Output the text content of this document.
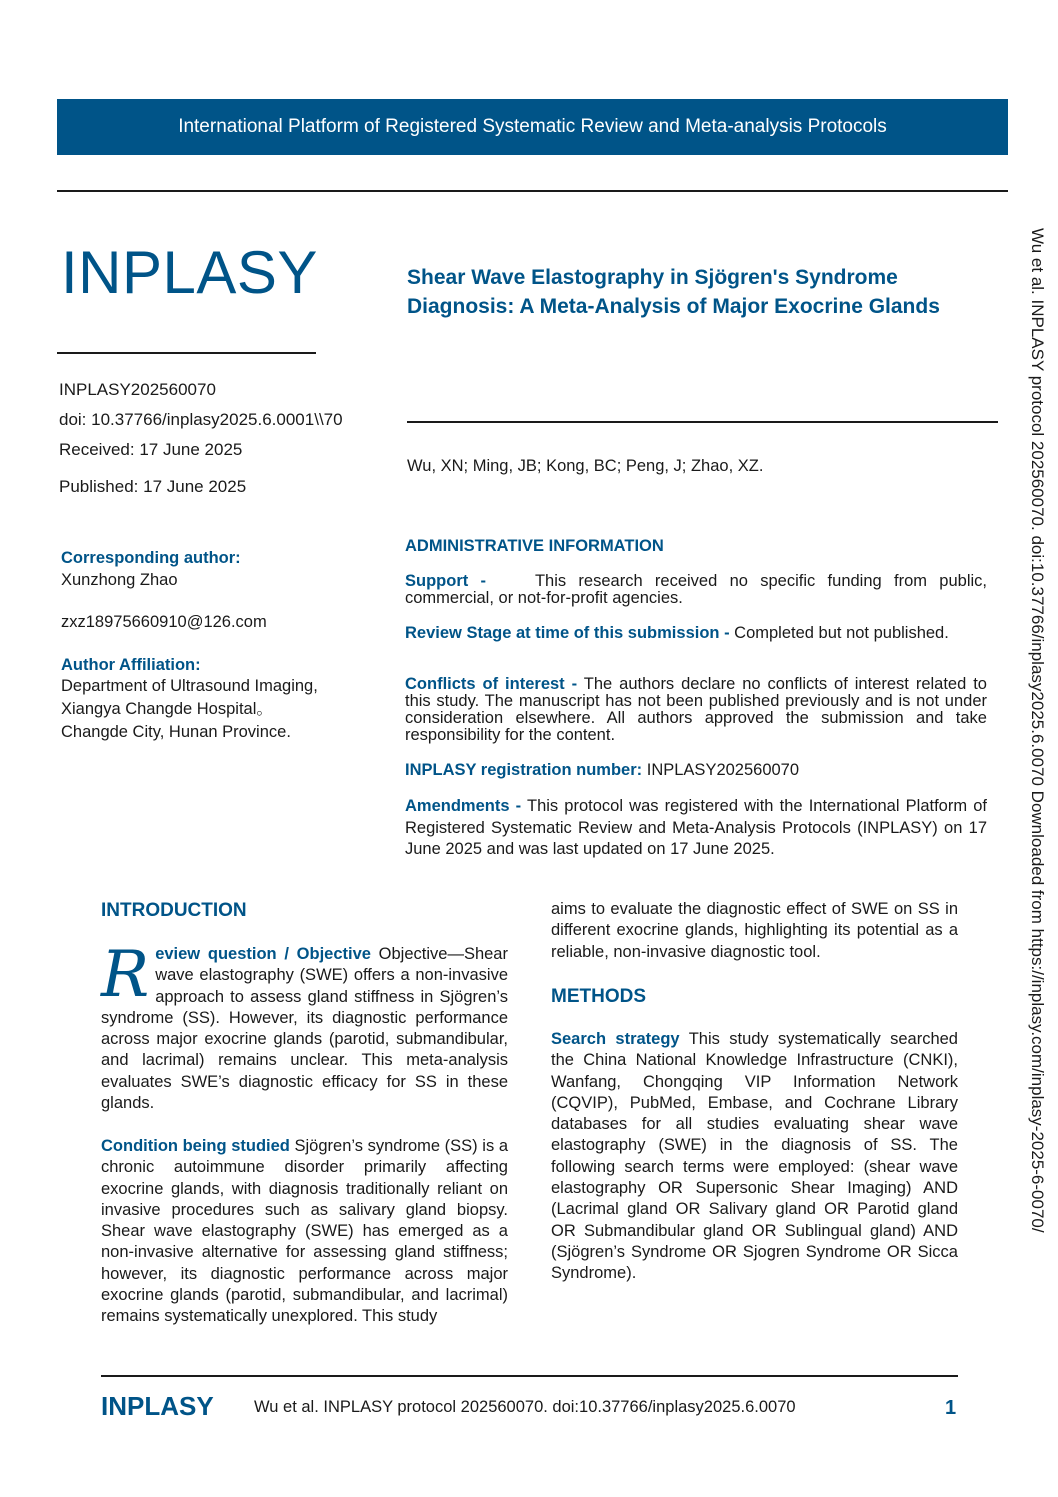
International Platform of Registered Systematic Review and Meta-analysis Protocols
INPLASY
INPLASY202560070
doi: 10.37766/inplasy2025.6.0001\\70
Received: 17 June 2025
Published: 17 June 2025
Shear Wave Elastography in Sjögren's Syndrome Diagnosis: A Meta-Analysis of Major Exocrine Glands
Wu, XN; Ming, JB; Kong, BC; Peng, J; Zhao, XZ.
Corresponding author:
Xunzhong Zhao
zxz18975660910@126.com
Author Affiliation:
Department of Ultrasound Imaging,
Xiangya Changde Hospital。
Changde City, Hunan Province.
ADMINISTRATIVE INFORMATION
Support -	This research received no specific funding from public, commercial, or not-for-profit agencies.
Review Stage at time of this submission - Completed but not published.
Conflicts of interest - The authors declare no conflicts of interest related to this study. The manuscript has not been published previously and is not under consideration elsewhere. All authors approved the submission and take responsibility for the content.
INPLASY registration number: INPLASY202560070
Amendments - This protocol was registered with the International Platform of Registered Systematic Review and Meta-Analysis Protocols (INPLASY) on 17 June 2025 and was last updated on 17 June 2025.
INTRODUCTION
R eview question / Objective Objective—Shear wave elastography (SWE) offers a non-invasive approach to assess gland stiffness in Sjögren’s syndrome (SS). However, its diagnostic performance across major exocrine glands (parotid, submandibular, and lacrimal) remains unclear. This meta-analysis evaluates SWE’s diagnostic efficacy for SS in these glands.
Condition being studied Sjögren’s syndrome (SS) is a chronic autoimmune disorder primarily affecting exocrine glands, with diagnosis traditionally reliant on invasive procedures such as salivary gland biopsy. Shear wave elastography (SWE) has emerged as a non-invasive alternative for assessing gland stiffness; however, its diagnostic performance across major exocrine glands (parotid, submandibular, and lacrimal) remains systematically unexplored. This study
aims to evaluate the diagnostic effect of SWE on SS in different exocrine glands, highlighting its potential as a reliable, non-invasive diagnostic tool.
METHODS
Search strategy This study systematically searched the China National Knowledge Infrastructure (CNKI), Wanfang, Chongqing VIP Information Network (CQVIP), PubMed, Embase, and Cochrane Library databases for all studies evaluating shear wave elastography (SWE) in the diagnosis of SS. The following search terms were employed: (shear wave elastography OR Supersonic Shear Imaging) AND (Lacrimal gland OR Salivary gland OR Parotid gland OR Submandibular gland OR Sublingual gland) AND (Sjögren’s Syndrome OR Sjogren Syndrome OR Sicca Syndrome).
Wu et al. INPLASY protocol 202560070. doi:10.37766/inplasy2025.6.0070 Downloaded from https://inplasy.com/inplasy-2025-6-0070/
INPLASY Wu et al. INPLASY protocol 202560070. doi:10.37766/inplasy2025.6.0070	1
